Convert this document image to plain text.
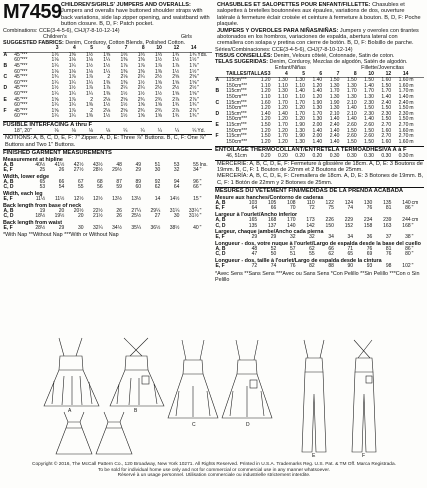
M7459 CHILDREN'S/GIRLS' JUMPERS AND OVERALLS: Jumpers and overalls have buttoned shoulder straps with back variations, side lap zipper opening, and waistband with button closure. B, D, F: Patch pocket.
Combinations: CCE(3-4-5-6), CHJ(7-8-10-12-14)
Children's	Girls
SUGGESTED FABRICS: Denim, Corduroy, Cotton Blends, Polished Cotton.
		3	4	5	6	7	8	10	12	14	
A	45"***	1⅓	1⅜	1½	1⅝	1⅔	1⅔	1⅔	1¾	1¾	Yds.
	60"***	1⅛	1⅛	1⅛	1¼	1⅜	1⅜	1½	1½	1½	"
B	45"***	1¼	1¼	1½	1½	1⅞	1⅞	1⅞	1⅞	1⅞	"
	60"***	1⅛	1⅛	1⅛	1¼	1⅜	1⅜	1⅜	1½	1½	"
C	45"***	1¾	1⅞	1⅞	2	2⅛	2¼	2½	2⅝	2⅝	"
	60"***	1¼	1¼	1¼	1⅜	1⅜	1½	1⅝	1⅝	1⅝	"
D	45"***	1½	1½	1⅞	1⅞	2¼	2¼	2½	2½	2½	"
	60"***	1¼	1¼	1¼	1⅜	1½	1½	1½	1⅝	1⅝	"
E	45"***	1⅝	1⅞	2	2⅛	2⅝	2¾	2¾	2⅞	2⅞	"
	60"***	1¼	1¼	1⅜	1½	1½	1⅝	1⅝	1¾	1¾	"
F	45"***	1⅝	1⅞	2	2⅛	2⅝	2¾	2¾	2⅞	2⅞	"
	60"***	1¼	1¼	1⅜	1½	1½	1⅝	1⅝	1¾	1¾	"
FUSIBLE INTERFACING A thru F
	18", 20"	⅛	⅛	⅛	⅛	¼	¼	¼	¼	¼	Yd.
NOTIONS: A, B, C, D, E, F: 7" Zipper. A, D, E: Three ⅞" Buttons. B, C, F: One ⅞" Buttons and Two 1" Buttons.
FINISHED GARMENT MEASUREMENTS
Measurement at hipline
A, B	40½	41½	42½	43½	48	49	51	53	55	Ins.
E, F	25	26	27½	28½	29½	29	30	32	34	"
Width, lower edge
A, B	65	66	67	68	87	89	92	94	96	"
C, D	53	54	55	56	59	60	62	64	66	"
Width, each leg
E, F	11½	11½	12½	12½	13½	13½	14	14½	15	"
Back length from base of neck
A, B	19	20	20½	22½	26	27¼	29¼	31¼	33¼	"
C, D	18½	19½	20	21½	26	25½	27	30	31½	"
Back length from waist
E, F	28½	29	30	32¼	34½	35¼	36½	38½	40	"
*With Nap **Without Nap ***With or Without Nap
CHASUBLES ET SALOPETTES POUR ENFANT/FILLETTE: Chasubles et salopettes à bretelles boutonnées aux épaules, variations de dos, ouverture latérale à fermeture éclair croisée et ceinture à fermeture à bouton. B, D, F: Poche plaquée.
JUMPERS Y OVEROLES PARA NIÑAS/NIÑAS: Jumpers y overoles con tirantes abotonados en los hombros, variaciones de espalda, abertura lateral con cremallera con solapa y pretina con cierre de botón. B, D, F: Bolsillo de parche.
Séries/Combinaciones: CCE(3-4-5-6), CHJ(7-8-10-12-14)
TISSUS CONSEILLÉS: Denim, Velours côtelé, Cotonnade, Satin de coton.
TELAS SUGERIDAS: Denim, Corduroy, Mezclas de algodón, Satén de algodón.
Enfant/Niñas	Fillette/Jovencitas
	TAILLES/TALLAS	3	4	5	6	7	8	10	12	14	
A	115cm***	1.20	1.30	1.30	1.40	1.50	1.50	1.50	1.60	1.60	m
	150cm***	1.10	1.10	1.10	1.20	1.30	1.30	1.40	1.50	1.60	m
B	115cm***	1.20	1.30	1.40	1.40	1.70	1.70	1.70	1.70	1.70	m
	150cm***	1.10	1.10	1.10	1.20	1.30	1.30	1.30	1.40	1.40	m
C	115cm***	1.60	1.70	1.70	1.90	1.90	2.10	2.30	2.40	2.40	m
	150cm***	1.20	1.20	1.20	1.30	1.30	1.40	1.50	1.50	1.50	m
D	115cm***	1.40	1.40	1.70	1.70	2.10	2.10	2.30	2.30	2.30	m
	150cm***	1.20	1.20	1.20	1.30	1.40	1.40	1.40	1.50	1.50	m
E	115cm***	1.50	1.70	1.90	2.00	2.40	2.60	2.60	2.70	2.70	m
	150cm***	1.20	1.20	1.30	1.40	1.40	1.50	1.50	1.60	1.60	m
F	115cm***	1.50	1.70	1.90	2.00	2.40	2.60	2.60	2.70	2.70	m
	150cm***	1.20	1.20	1.30	1.40	1.40	1.50	1.50	1.60	1.60	m
ENTOILAGE THERMOCOLLANT/ENTRETELA TERMOADHESIVA A à F
	46, 51cm	0.20	0.20	0.20	0.20	0.30	0.30	0.30	0.30	0.30	m
MERCERIE: A, B, C, D, E, F: Fermeture à glissière de 18cm. A, D, E: 3 Boutons de 19mm. B, C, F: 1 Bouton de 22mm et 2 Boutons de 25mm.
MERCERÍA: A, B, C, D, E, F: Cremallera de 18cm. A, D, E: 3 Botones de 19mm. B, C, F: 1 Botón de 22mm y 2 Botones de 25mm.
MESURES DU VÊTEMENT FINI/MEDIDAS DE LA PRENDA ACABADA
Mesure aux hanches/Contorno de caderas
A, B	103	105	108	110	122	124	130	135	140	cm
E, F	64	66	70	72	75	74	76	81	86	"
Largeur à l'ourlet/Ancho inferior
A, B	165	168	170	173	226	229	234	239	244	cm
C, D	135	137	140	142	150	152	158	163	168	"
Largeur, chaque jambe/Ancho cada pierna
E, F	29	29	32	32	34	34	36	37	38	"
Longueur - dos, votre nuque à l'ourlet/Largo de espalda desde la base del cuello
A, B	48	52	57	62	66	71	76	81	86	"
C, D	47	50	51	55	62	65	69	76	80	"
Longueur - dos, taille à l'ourlet/Largo de espalda desde la cintura
E, F	72	74	76	82	88	90	93	98	102	"
*Avec Sens **Sans Sens ***Avec ou Sans Sens *Con Pelillo **Sin Pelillo ***Con o Sin Pelillo
A	B
C	D
E	F
Copyright © 2016, The McCall Pattern Co., 120 Broadway, New York 10271. All Rights Reserved. Printed in U.S.A. Trademarks Reg. U.S. Pat. & TM Off. Marca Registrada.
To be sold for individual home use only and not for commercial or commercial use in any manner whatsoever.
Réservé à un usage personnel. Utilisation commerciale ou industrielle strictement interdite.
